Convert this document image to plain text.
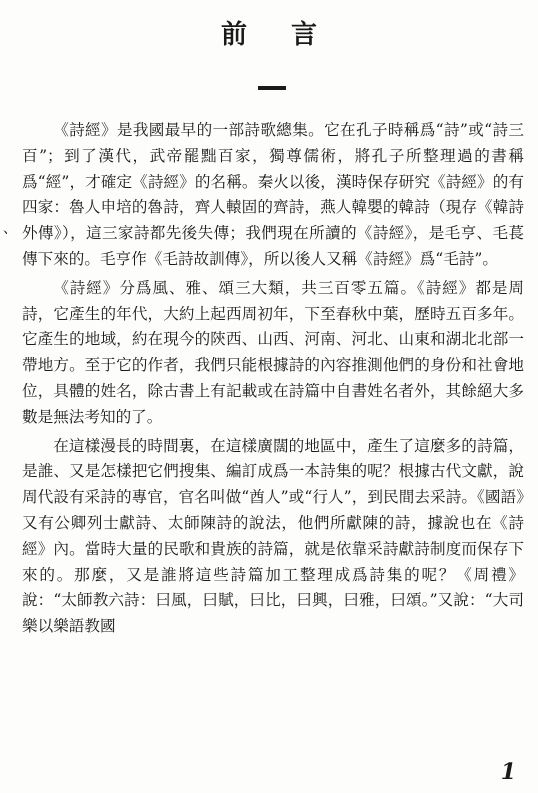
前言
、

《詩經》是我國最早的一部詩歌總集。它在孔子時稱爲“詩”或“詩三百”；到了漢代，武帝罷黜百家，獨尊儒術，將孔子所整理過的書稱爲“經”，才確定《詩經》的名稱。秦火以後，漢時保存研究《詩經》的有四家：魯人申培的魯詩，齊人轅固的齊詩，燕人韓嬰的韓詩（現存《韓詩外傳》），這三家詩都先後失傳；我們現在所讀的《詩經》，是毛亨、毛萇傳下來的。毛亨作《毛詩故訓傳》，所以後人又稱《詩經》爲“毛詩”。

《詩經》分爲風、雅、頌三大類，共三百零五篇。《詩經》都是周詩，它產生的年代，大約上起西周初年，下至春秋中葉，歷時五百多年。它產生的地域，約在現今的陝西、山西、河南、河北、山東和湖北北部一帶地方。至于它的作者，我們只能根據詩的內容推測他們的身份和社會地位，具體的姓名，除古書上有記載或在詩篇中自書姓名者外，其餘絕大多數是無法考知的了。

在這樣漫長的時間裏，在這樣廣闊的地區中，產生了這麼多的詩篇，是誰、又是怎樣把它們搜集、編訂成爲一本詩集的呢？根據古代文獻，說周代設有采詩的專官，官名叫做“酋人”或“行人”，到民間去采詩。《國語》又有公卿列士獻詩、太師陳詩的說法，他們所獻陳的詩，據說也在《詩經》內。當時大量的民歌和貴族的詩篇，就是依靠采詩獻詩制度而保存下來的。那麼，又是誰將這些詩篇加工整理成爲詩集的呢？《周禮》說：“太師教六詩：曰風，曰賦，曰比，曰興，曰雅，曰頌。”又說：“大司樂以樂語教國

1
